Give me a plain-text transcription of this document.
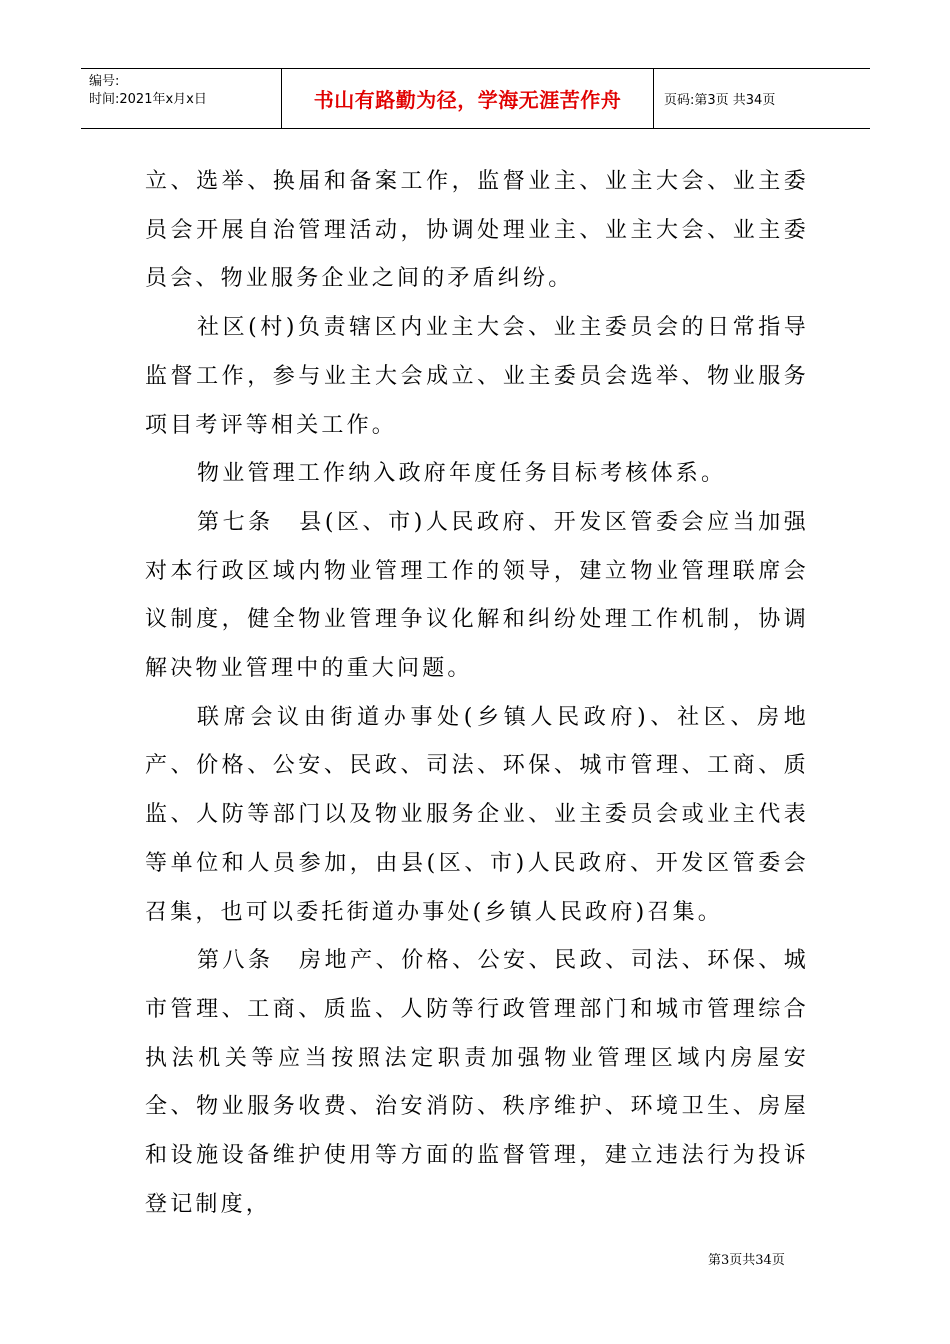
编号:
时间:2021年x月x日	书山有路勤为径，学海无涯苦作舟	页码:第3页 共34页

立、选举、换届和备案工作，监督业主、业主大会、业主委员会开展自治管理活动，协调处理业主、业主大会、业主委员会、物业服务企业之间的矛盾纠纷。

社区(村)负责辖区内业主大会、业主委员会的日常指导监督工作，参与业主大会成立、业主委员会选举、物业服务项目考评等相关工作。

物业管理工作纳入政府年度任务目标考核体系。

第七条　县(区、市)人民政府、开发区管委会应当加强对本行政区域内物业管理工作的领导，建立物业管理联席会议制度，健全物业管理争议化解和纠纷处理工作机制，协调解决物业管理中的重大问题。

联席会议由街道办事处(乡镇人民政府)、社区、房地产、价格、公安、民政、司法、环保、城市管理、工商、质监、人防等部门以及物业服务企业、业主委员会或业主代表等单位和人员参加，由县(区、市)人民政府、开发区管委会召集，也可以委托街道办事处(乡镇人民政府)召集。

第八条　房地产、价格、公安、民政、司法、环保、城市管理、工商、质监、人防等行政管理部门和城市管理综合执法机关等应当按照法定职责加强物业管理区域内房屋安全、物业服务收费、治安消防、秩序维护、环境卫生、房屋和设施设备维护使用等方面的监督管理，建立违法行为投诉登记制度，

第3页共34页
